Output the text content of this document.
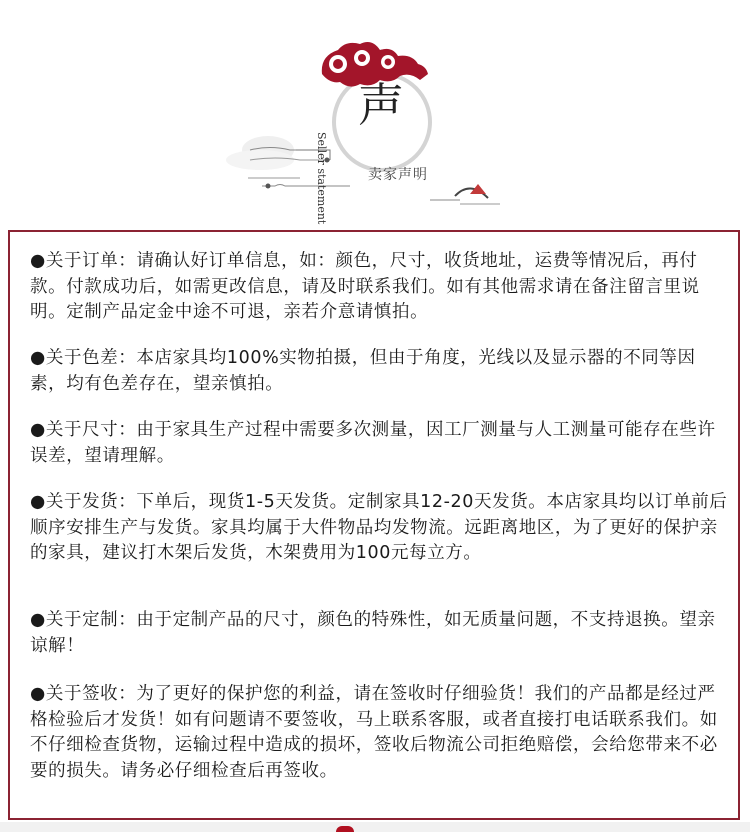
声
Seller statement	卖家声明

●关于订单：请确认好订单信息，如：颜色，尺寸，收货地址，运费等情况后，再付款。付款成功后，如需更改信息，请及时联系我们。如有其他需求请在备注留言里说明。定制产品定金中途不可退，亲若介意请慎拍。

●关于色差：本店家具均100%实物拍摄，但由于角度，光线以及显示器的不同等因素，均有色差存在，望亲慎拍。

●关于尺寸：由于家具生产过程中需要多次测量，因工厂测量与人工测量可能存在些许误差，望请理解。

●关于发货：下单后，现货1-5天发货。定制家具12-20天发货。本店家具均以订单前后顺序安排生产与发货。家具均属于大件物品均发物流。远距离地区，为了更好的保护亲的家具，建议打木架后发货，木架费用为100元每立方。

●关于定制：由于定制产品的尺寸，颜色的特殊性，如无质量问题，不支持退换。望亲谅解！

●关于签收：为了更好的保护您的利益，请在签收时仔细验货！我们的产品都是经过严格检验后才发货！如有问题请不要签收，马上联系客服，或者直接打电话联系我们。如不仔细检查货物，运输过程中造成的损坏，签收后物流公司拒绝赔偿，会给您带来不必要的损失。请务必仔细检查后再签收。
